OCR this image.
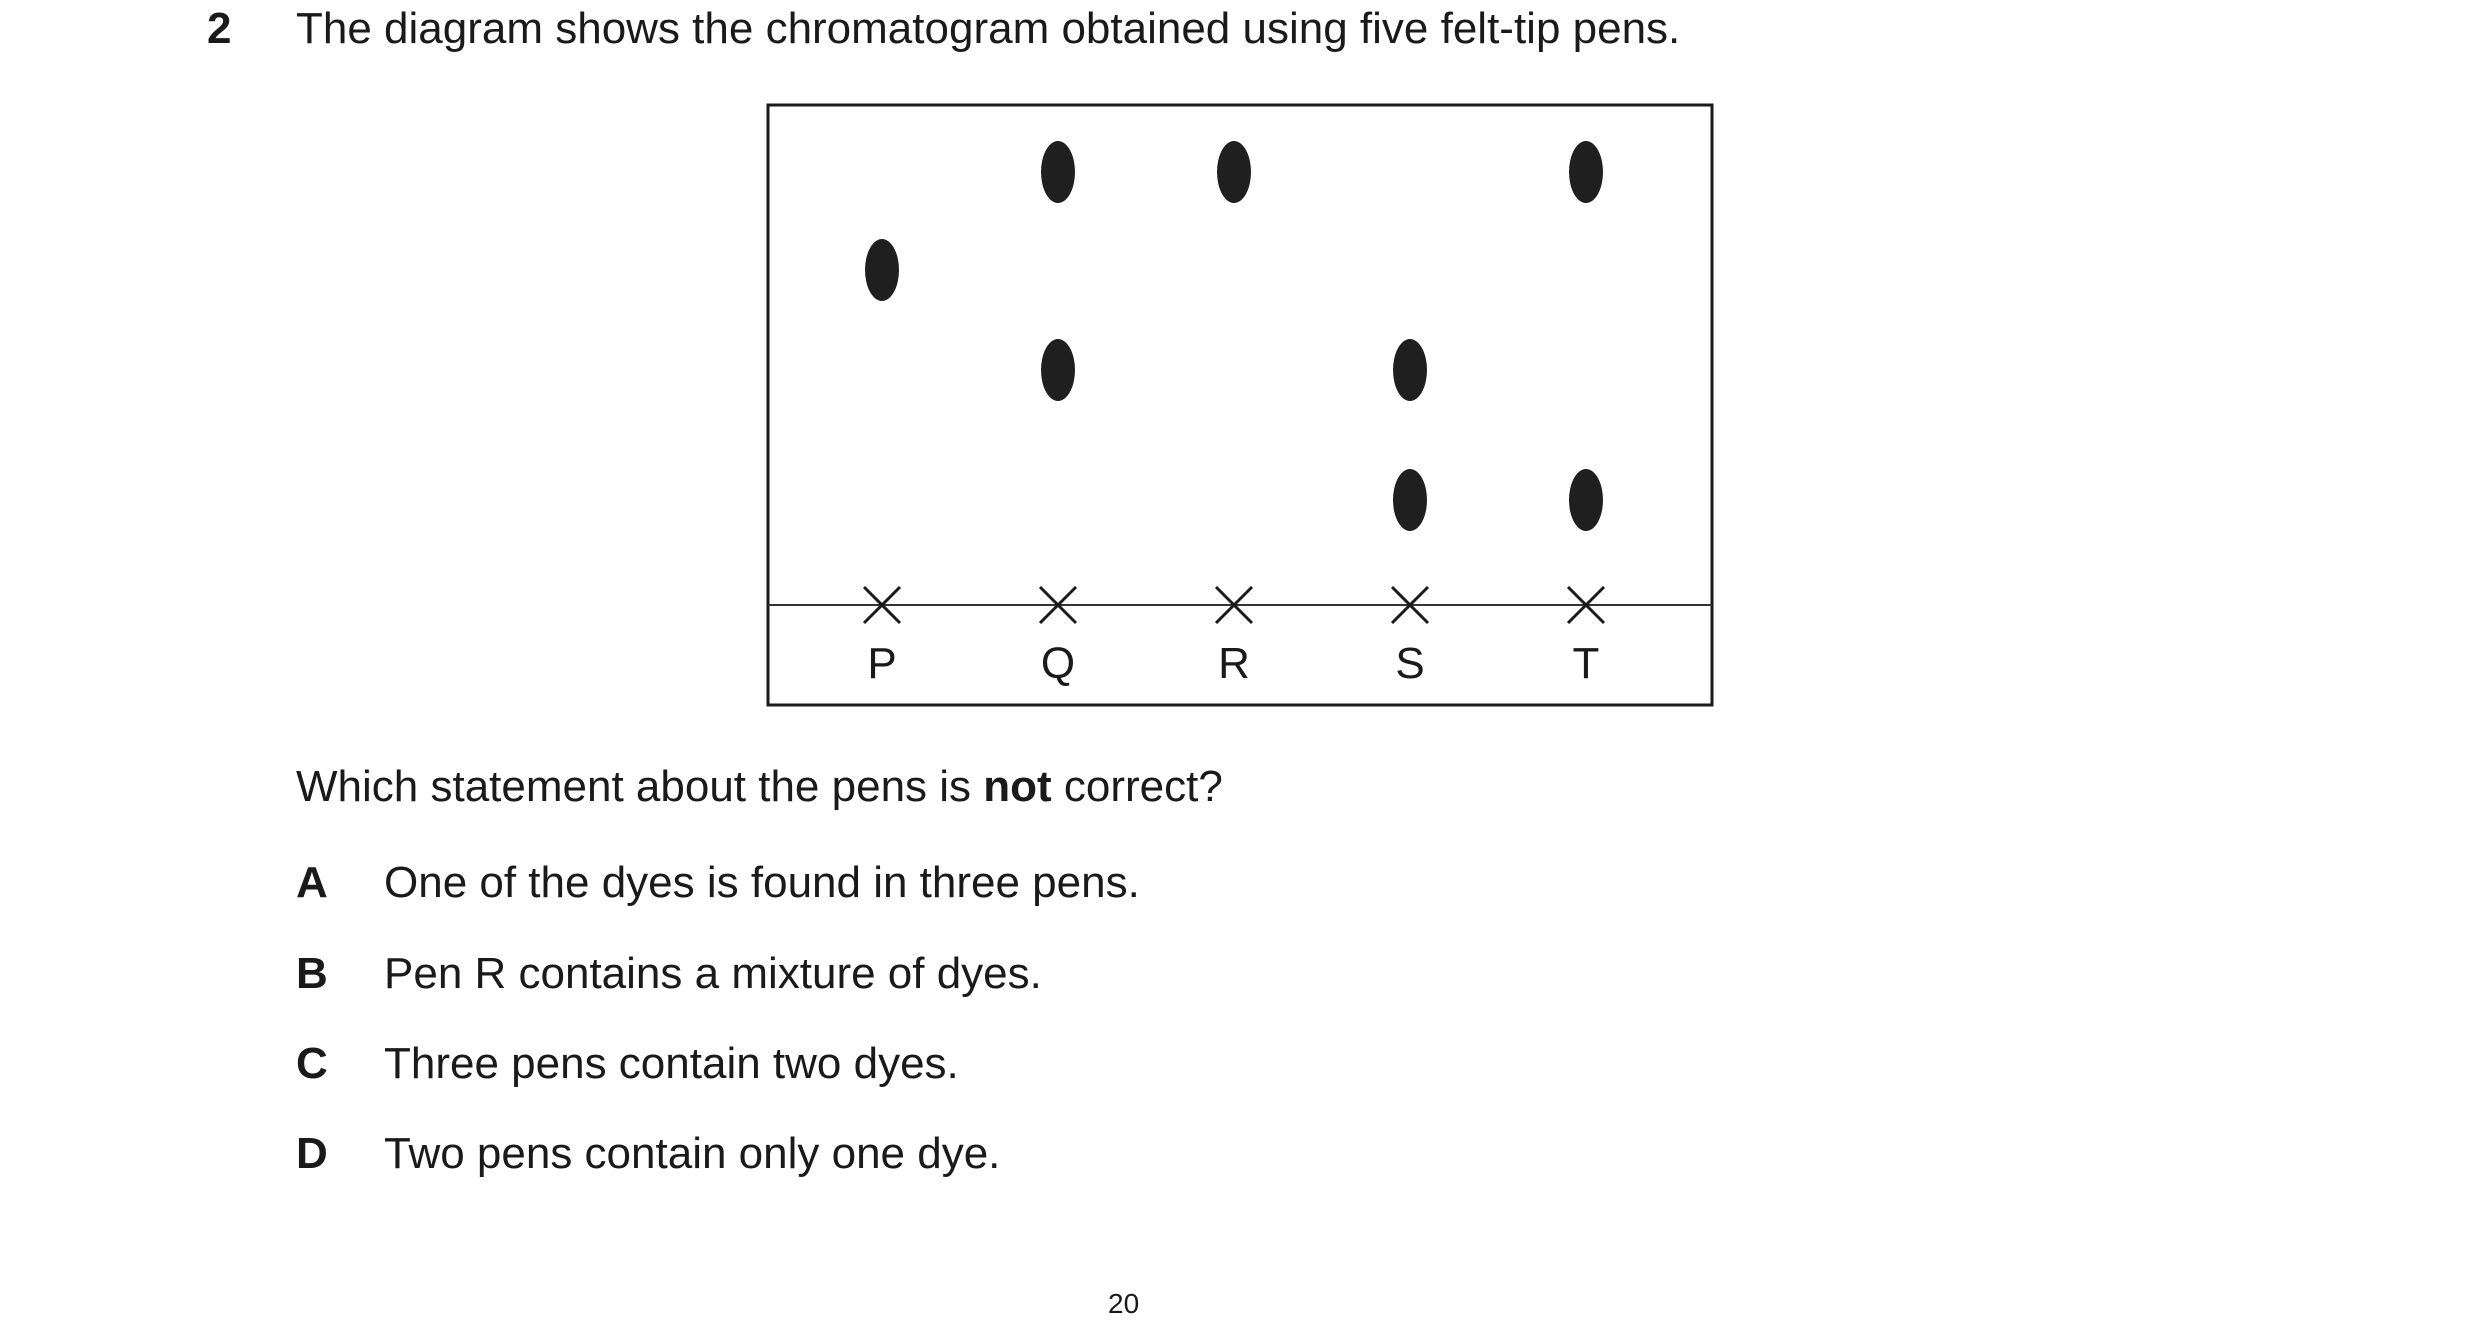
2 The diagram shows the chromatogram obtained using five felt-tip pens.
P	Q	R	S	T
Which statement about the pens is not correct?
A One of the dyes is found in three pens.
B Pen R contains a mixture of dyes.
C Three pens contain two dyes.
D Two pens contain only one dye.
20
